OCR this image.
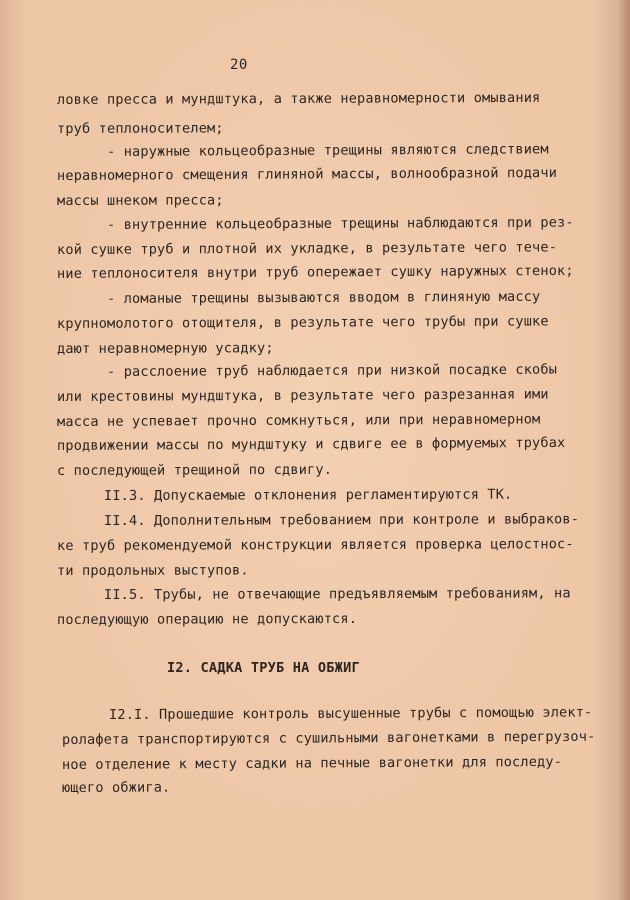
20
ловке пресса и мундштука, а также неравномерности омывания
труб теплоносителем;
- наружные кольцеобразные трещины являются следствием
неравномерного смещения глиняной массы, волнообразной подачи
массы шнеком пресса;
- внутренние кольцеобразные трещины наблюдаются при рез-
кой сушке труб и плотной их укладке, в результате чего тече-
ние теплоносителя внутри труб опережает сушку наружных стенок;
- ломаные трещины вызываются вводом в глиняную массу
крупномолотого отощителя, в результате чего трубы при сушке
дают неравномерную усадку;
- расслоение труб наблюдается при низкой посадке скобы
или крестовины мундштука, в результате чего разрезанная ими
масса не успевает прочно сомкнуться, или при неравномерном
продвижении массы по мундштуку и сдвиге ее в формуемых трубах
с последующей трещиной по сдвигу.
II.3. Допускаемые отклонения регламентируются ТК.
II.4. Дополнительным требованием при контроле и выбраков-
ке труб рекомендуемой конструкции является проверка целостнос-
ти продольных выступов.
II.5. Трубы, не отвечающие предъявляемым требованиям, на
последующую операцию не допускаются.
I2. САДКА ТРУБ НА ОБЖИГ
I2.I. Прошедшие контроль высушенные трубы с помощью элект-
ролафета транспортируются с сушильными вагонетками в перегрузоч-
ное отделение к месту садки на печные вагонетки для последу-
ющего обжига.
